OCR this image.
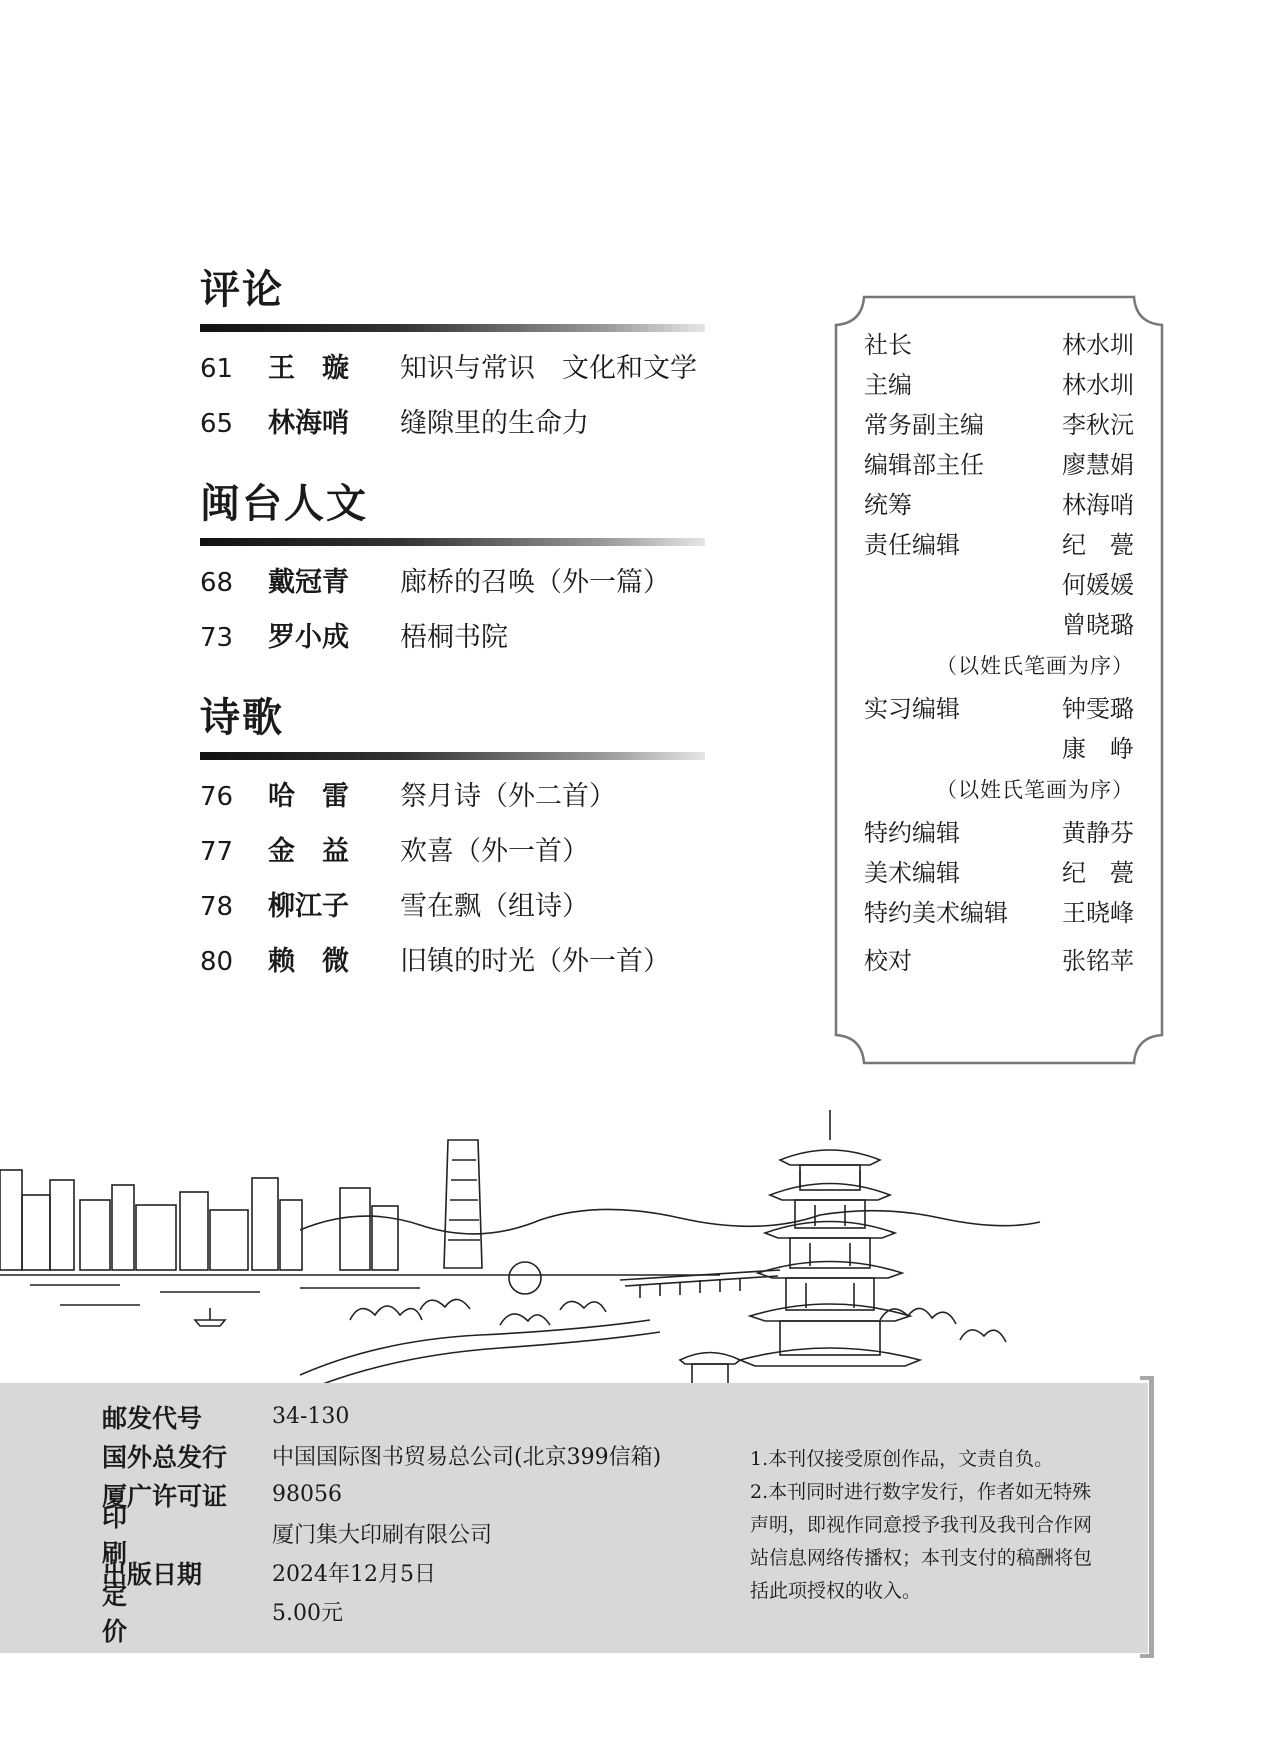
评论
61	王　璇	知识与常识　文化和文学
65	林海哨	缝隙里的生命力
闽台人文
68	戴冠青	廊桥的召唤（外一篇）
73	罗小成	梧桐书院
诗歌
76	哈　雷	祭月诗（外二首）
77	金　益	欢喜（外一首）
78	柳江子	雪在飘（组诗）
80	赖　微	旧镇的时光（外一首）
社长	林水圳
主编	林水圳
常务副主编	李秋沅
编辑部主任	廖慧娟
统筹	林海哨
责任编辑	纪　甍
何媛媛
曾晓璐
（以姓氏笔画为序）
实习编辑	钟雯璐
康　峥
（以姓氏笔画为序）
特约编辑	黄静芬
美术编辑	纪　甍
特约美术编辑 王晓峰
校对	张铭苹
邮发代号	34-130
国外总发行	中国国际图书贸易总公司(北京399信箱)
厦广许可证	98056
印刷
厦门集大印刷有限公司
出版日期	2024年12月5日
定价
5.00元

1.本刊仅接受原创作品，文责自负。

2.本刊同时进行数字发行，作者如无特殊声明，即视作同意授予我刊及我刊合作网站信息网络传播权；本刊支付的稿酬将包括此项授权的收入。
